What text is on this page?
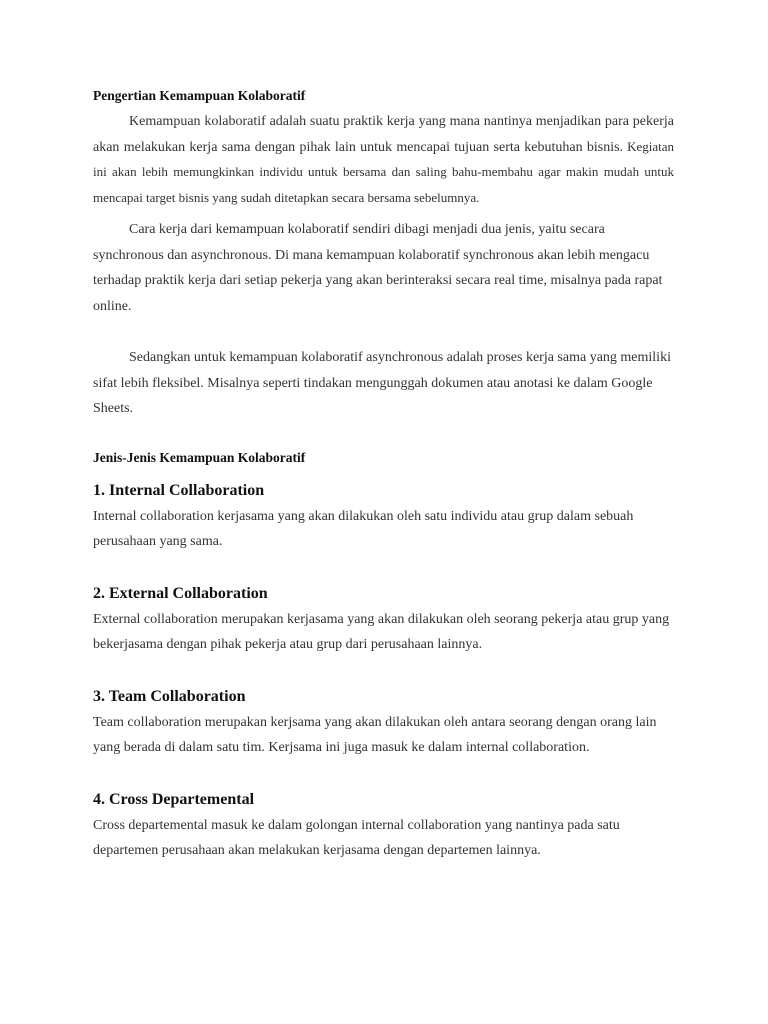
Pengertian Kemampuan Kolaboratif

Kemampuan kolaboratif adalah suatu praktik kerja yang mana nantinya menjadikan para pekerja akan melakukan kerja sama dengan pihak lain untuk mencapai tujuan serta kebutuhan bisnis. Kegiatan ini akan lebih memungkinkan individu untuk bersama dan saling bahu-membahu agar makin mudah untuk mencapai target bisnis yang sudah ditetapkan secara bersama sebelumnya.

Cara kerja dari kemampuan kolaboratif sendiri dibagi menjadi dua jenis, yaitu secara synchronous dan asynchronous. Di mana kemampuan kolaboratif synchronous akan lebih mengacu terhadap praktik kerja dari setiap pekerja yang akan berinteraksi secara real time, misalnya pada rapat online.

Sedangkan untuk kemampuan kolaboratif asynchronous adalah proses kerja sama yang memiliki sifat lebih fleksibel. Misalnya seperti tindakan mengunggah dokumen atau anotasi ke dalam Google Sheets.

Jenis-Jenis Kemampuan Kolaboratif
1. Internal Collaboration

Internal collaboration kerjasama yang akan dilakukan oleh satu individu atau grup dalam sebuah perusahaan yang sama.

2. External Collaboration

External collaboration merupakan kerjasama yang akan dilakukan oleh seorang pekerja atau grup yang bekerjasama dengan pihak pekerja atau grup dari perusahaan lainnya.

3. Team Collaboration

Team collaboration merupakan kerjsama yang akan dilakukan oleh antara seorang dengan orang lain yang berada di dalam satu tim. Kerjsama ini juga masuk ke dalam internal collaboration.

4. Cross Departemental

Cross departemental masuk ke dalam golongan internal collaboration yang nantinya pada satu departemen perusahaan akan melakukan kerjasama dengan departemen lainnya.
